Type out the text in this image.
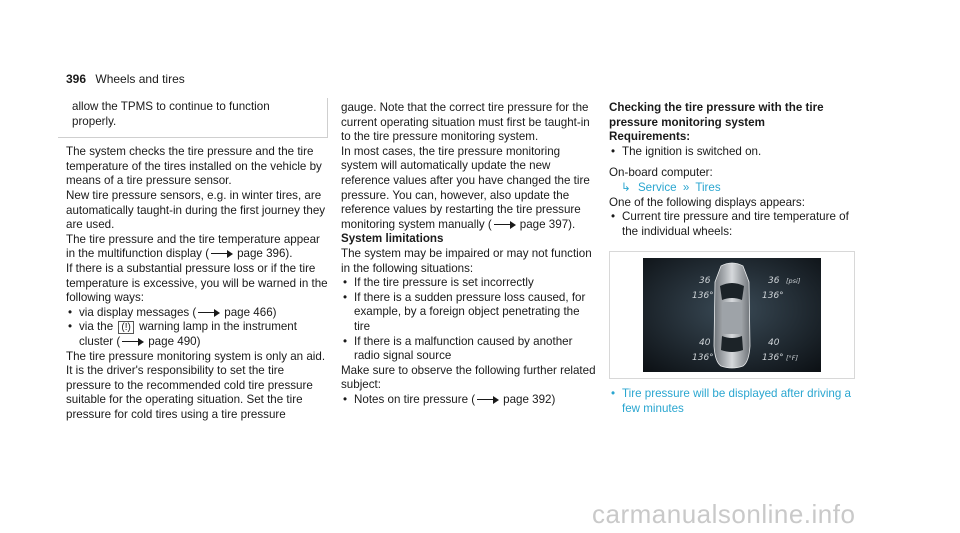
396 Wheels and tires

allow the TPMS to continue to function properly.

The system checks the tire pressure and the tire temperature of the tires installed on the vehicle by means of a tire pressure sensor.

New tire pressure sensors, e.g. in winter tires, are automatically taught-in during the first journey they are used.

The tire pressure and the tire temperature appear in the multifunction display ( page 396).

If there is a substantial pressure loss or if the tire temperature is excessive, you will be warned in the following ways:

• via display messages ( page 466)
• via the (!) warning lamp in the instrument cluster ( page 490)

The tire pressure monitoring system is only an aid. It is the driver's responsibility to set the tire pressure to the recommended cold tire pressure suitable for the operating situation. Set the tire pressure for cold tires using a tire pressure

gauge. Note that the correct tire pressure for the current operating situation must first be taught-in to the tire pressure monitoring system.

In most cases, the tire pressure monitoring system will automatically update the new reference values after you have changed the tire pressure. You can, however, also update the reference values by restarting the tire pressure monitoring system manually ( page 397).

System limitations

The system may be impaired or may not function in the following situations:

• If the tire pressure is set incorrectly
• If there is a sudden pressure loss caused, for example, by a foreign object penetrating the tire
• If there is a malfunction caused by another radio signal source

Make sure to observe the following further related subject:

• Notes on tire pressure ( page 392)

Checking the tire pressure with the tire pressure monitoring system

Requirements:

• The ignition is switched on.

On-board computer:

↳ Service » Tires

One of the following displays appears:

• Current tire pressure and tire temperature of the individual wheels:
36	36 [psi]
136°	136°
40	40
136°	136° [°F]
• Tire pressure will be displayed after driving a few minutes
carmanualsonline.info
